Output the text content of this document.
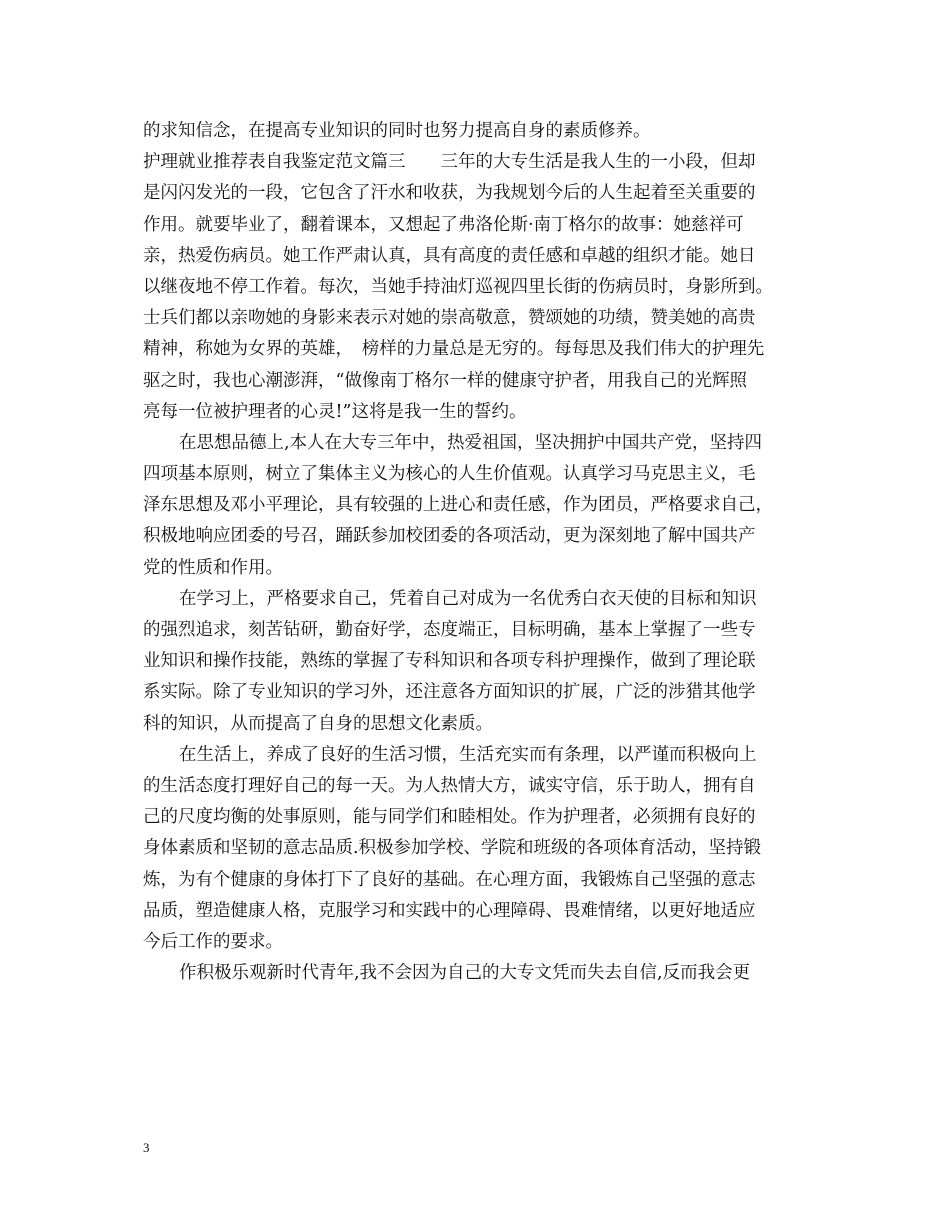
的求知信念，在提高专业知识的同时也努力提高自身的素质修养。
护理就业推荐表自我鉴定范文篇三　　三年的大专生活是我人生的一小段，但却
是闪闪发光的一段，它包含了汗水和收获，为我规划今后的人生起着至关重要的
作用。就要毕业了，翻着课本，又想起了弗洛伦斯·南丁格尔的故事：她慈祥可
亲，热爱伤病员。她工作严肃认真，具有高度的责任感和卓越的组织才能。她日
以继夜地不停工作着。每次，当她手持油灯巡视四里长街的伤病员时，身影所到。
士兵们都以亲吻她的身影来表示对她的崇高敬意，赞颂她的功绩，赞美她的高贵
精神，称她为女界的英雄，　榜样的力量总是无穷的。每每思及我们伟大的护理先
驱之时，我也心潮澎湃，“做像南丁格尔一样的健康守护者，用我自己的光辉照
亮每一位被护理者的心灵!”这将是我一生的誓约。
在思想品德上,本人在大专三年中，热爱祖国，坚决拥护中国共产党，坚持四
四项基本原则，树立了集体主义为核心的人生价值观。认真学习马克思主义，毛
泽东思想及邓小平理论，具有较强的上进心和责任感，作为团员，严格要求自己，
积极地响应团委的号召，踊跃参加校团委的各项活动，更为深刻地了解中国共产
党的性质和作用。
在学习上，严格要求自己，凭着自己对成为一名优秀白衣天使的目标和知识
的强烈追求，刻苦钻研，勤奋好学，态度端正，目标明确，基本上掌握了一些专
业知识和操作技能，熟练的掌握了专科知识和各项专科护理操作，做到了理论联
系实际。除了专业知识的学习外，还注意各方面知识的扩展，广泛的涉猎其他学
科的知识，从而提高了自身的思想文化素质。
在生活上，养成了良好的生活习惯，生活充实而有条理，以严谨而积极向上
的生活态度打理好自己的每一天。为人热情大方，诚实守信，乐于助人，拥有自
己的尺度均衡的处事原则，能与同学们和睦相处。作为护理者，必须拥有良好的
身体素质和坚韧的意志品质.积极参加学校、学院和班级的各项体育活动，坚持锻
炼，为有个健康的身体打下了良好的基础。在心理方面，我锻炼自己坚强的意志
品质，塑造健康人格，克服学习和实践中的心理障碍、畏难情绪，以更好地适应
今后工作的要求。
作积极乐观新时代青年,我不会因为自己的大专文凭而失去自信,反而我会更
3
